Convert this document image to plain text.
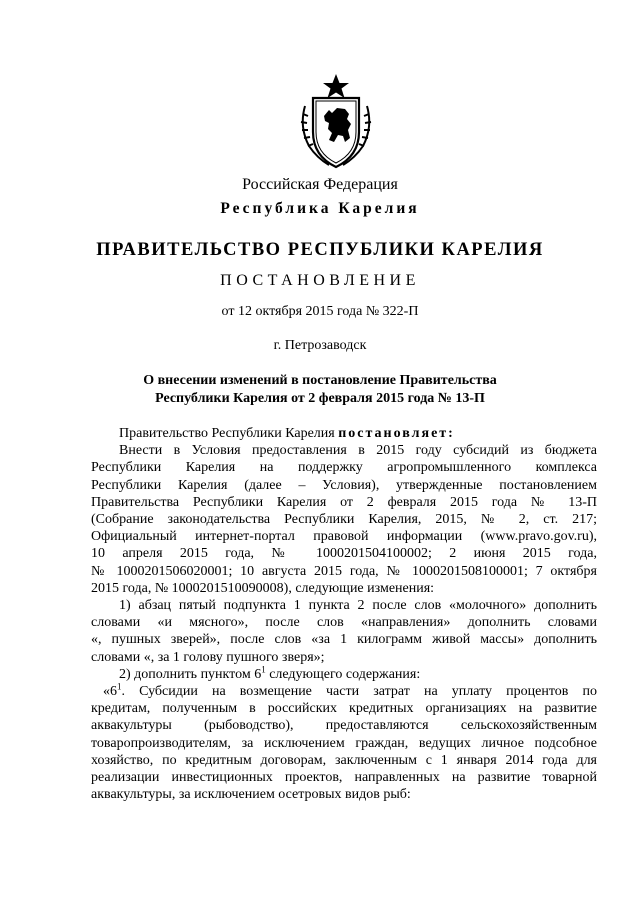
Российская Федерация
Республика Карелия
ПРАВИТЕЛЬСТВО РЕСПУБЛИКИ КАРЕЛИЯ
ПОСТАНОВЛЕНИЕ
от 12 октября 2015 года № 322-П
г. Петрозаводск
О внесении изменений в постановление Правительства
Республики Карелия от 2 февраля 2015 года № 13-П

Правительство Республики Карелия постановляет:

Внести в Условия предоставления в 2015 году субсидий из бюджета
Республики Карелия на поддержку агропромышленного комплекса
Республики Карелия (далее – Условия), утвержденные постановлением
Правительства Республики Карелия от 2 февраля 2015 года № 13-П
(Собрание законодательства Республики Карелия, 2015, № 2, ст. 217;
Официальный интернет-портал правовой информации (www.pravo.gov.ru),
10 апреля 2015 года, № 1000201504100002; 2 июня 2015 года,
№ 1000201506020001; 10 августа 2015 года, № 1000201508100001; 7 октября
2015 года, № 1000201510090008), следующие изменения:

1) абзац пятый подпункта 1 пункта 2 после слов «молочного» дополнить
словами «и мясного», после слов «направления» дополнить словами
«, пушных зверей», после слов «за 1 килограмм живой массы» дополнить
словами «, за 1 голову пушного зверя»;

2) дополнить пунктом $6^1$ следующего содержания:

«$6^1$. Субсидии на возмещение части затрат на уплату процентов по
кредитам, полученным в российских кредитных организациях на развитие
аквакультуры (рыбоводство), предоставляются сельскохозяйственным
товаропроизводителям, за исключением граждан, ведущих личное подсобное
хозяйство, по кредитным договорам, заключенным с 1 января 2014 года для
реализации инвестиционных проектов, направленных на развитие товарной
аквакультуры, за исключением осетровых видов рыб:
